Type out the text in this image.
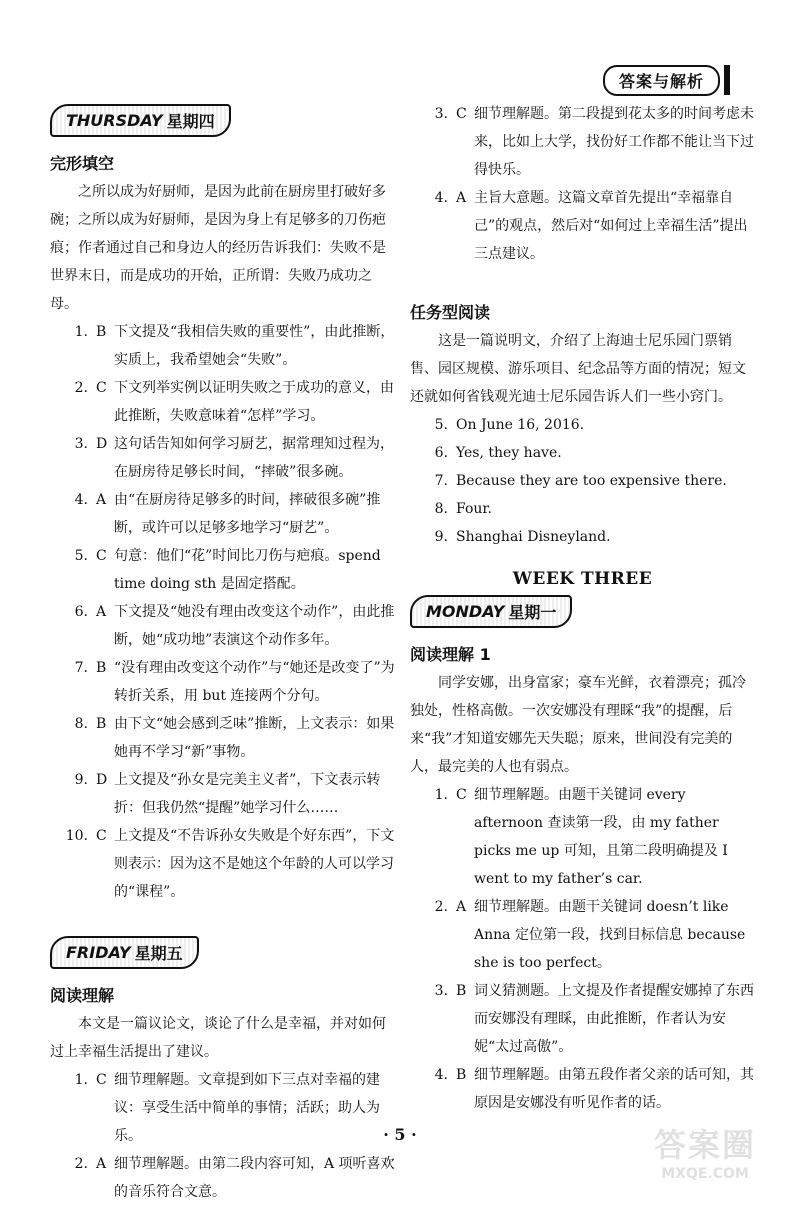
答案与解析
THURSDAY 星期四
完形填空

之所以成为好厨师，是因为此前在厨房里打破好多碗；之所以成为好厨师，是因为身上有足够多的刀伤疤痕；作者通过自己和身边人的经历告诉我们：失败不是世界末日，而是成功的开始，正所谓：失败乃成功之母。

1. B 下文提及“我相信失败的重要性”，由此推断，实质上，我希望她会“失败”。
2. C 下文列举实例以证明失败之于成功的意义，由此推断，失败意味着“怎样”学习。
3. D 这句话告知如何学习厨艺，据常理知过程为，在厨房待足够长时间，“摔破”很多碗。
4. A 由“在厨房待足够多的时间，摔破很多碗”推断，或许可以足够多地学习“厨艺”。
5. C 句意：他们“花”时间比刀伤与疤痕。spend time doing sth 是固定搭配。
6. A 下文提及“她没有理由改变这个动作”，由此推断，她“成功地”表演这个动作多年。
7. B “没有理由改变这个动作”与“她还是改变了”为转折关系，用 but 连接两个分句。
8. B 由下文“她会感到乏味”推断，上文表示：如果她再不学习“新”事物。
9. D 上文提及“孙女是完美主义者”，下文表示转折：但我仍然“提醒”她学习什么……
10. C 上文提及“不告诉孙女失败是个好东西”，下文则表示：因为这不是她这个年龄的人可以学习的“课程”。
FRIDAY 星期五
阅读理解

本文是一篇议论文，谈论了什么是幸福，并对如何过上幸福生活提出了建议。

1. C 细节理解题。文章提到如下三点对幸福的建议：享受生活中简单的事情；活跃；助人为乐。
2. A 细节理解题。由第二段内容可知，A 项听喜欢的音乐符合文意。
3. C 细节理解题。第二段提到花太多的时间考虑未来，比如上大学，找份好工作都不能让当下过得快乐。
4. A 主旨大意题。这篇文章首先提出“幸福靠自己”的观点，然后对“如何过上幸福生活”提出三点建议。
任务型阅读

这是一篇说明文，介绍了上海迪士尼乐园门票销售、园区规模、游乐项目、纪念品等方面的情况；短文还就如何省钱观光迪士尼乐园告诉人们一些小窍门。

5. On June 16, 2016.
6. Yes, they have.
7. Because they are too expensive there.
8. Four.
9. Shanghai Disneyland.
WEEK THREE
MONDAY 星期一
阅读理解 1

同学安娜，出身富家；豪车光鲜，衣着漂亮；孤冷独处，性格高傲。一次安娜没有理睬“我”的提醒，后来“我”才知道安娜先天失聪；原来，世间没有完美的人，最完美的人也有弱点。

1. C 细节理解题。由题干关键词 every afternoon 查读第一段，由 my father picks me up 可知，且第二段明确提及 I went to my father’s car.
2. A 细节理解题。由题干关键词 doesn’t like Anna 定位第一段，找到目标信息 because she is too perfect。
3. B 词义猜测题。上文提及作者提醒安娜掉了东西而安娜没有理睬，由此推断，作者认为安妮“太过高傲”。
4. B 细节理解题。由第五段作者父亲的话可知，其原因是安娜没有听见作者的话。
· 5 ·	答案圈
MXQE.COM
